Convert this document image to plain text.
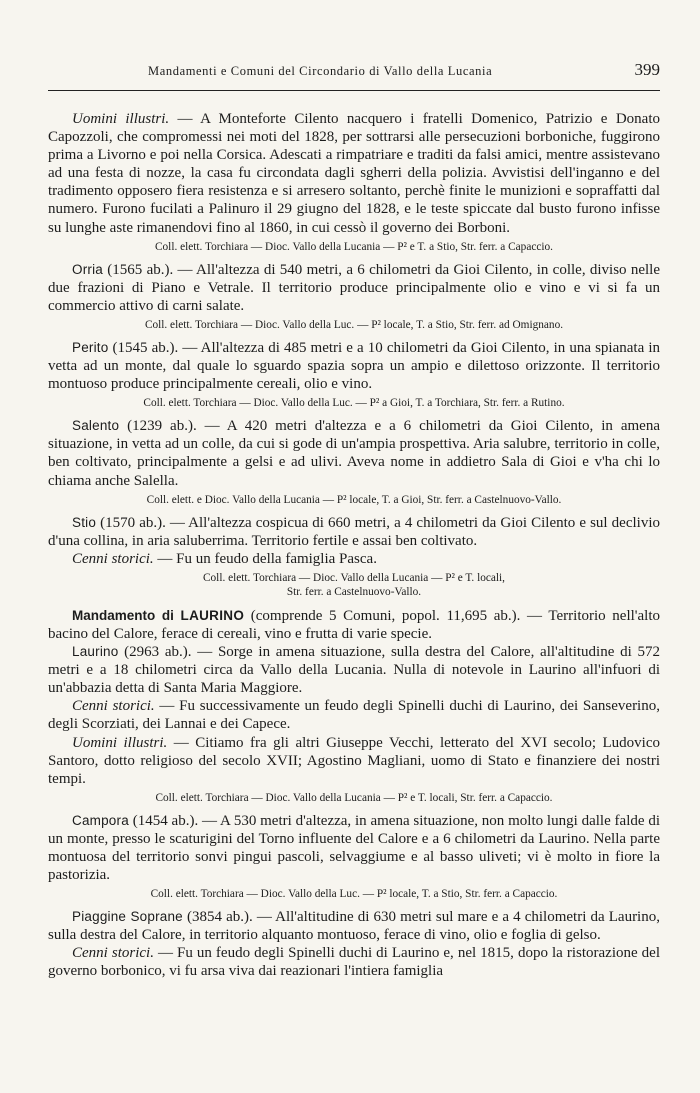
Mandamenti e Comuni del Circondario di Vallo della Lucania	399

Uomini illustri. — A Monteforte Cilento nacquero i fratelli Domenico, Patrizio e Donato Capozzoli, che compromessi nei moti del 1828, per sottrarsi alle persecuzioni borboniche, fuggirono prima a Livorno e poi nella Corsica. Adescati a rimpatriare e traditi da falsi amici, mentre assistevano ad una festa di nozze, la casa fu circondata dagli sgherri della polizia. Avvistisi dell'inganno e del tradimento opposero fiera resistenza e si arresero soltanto, perchè finite le munizioni e sopraffatti dal numero. Furono fucilati a Palinuro il 29 giugno del 1828, e le teste spiccate dal busto furono infisse su lunghe aste rimanendovi fino al 1860, in cui cessò il governo dei Borboni.

Coll. elett. Torchiara — Dioc. Vallo della Lucania — P² e T. a Stio, Str. ferr. a Capaccio.

Orria (1565 ab.). — All'altezza di 540 metri, a 6 chilometri da Gioi Cilento, in colle, diviso nelle due frazioni di Piano e Vetrale. Il territorio produce principalmente olio e vino e vi si fa un commercio attivo di carni salate.

Coll. elett. Torchiara — Dioc. Vallo della Luc. — P² locale, T. a Stio, Str. ferr. ad Omignano.

Perito (1545 ab.). — All'altezza di 485 metri e a 10 chilometri da Gioi Cilento, in una spianata in vetta ad un monte, dal quale lo sguardo spazia sopra un ampio e dilettoso orizzonte. Il territorio montuoso produce principalmente cereali, olio e vino.

Coll. elett. Torchiara — Dioc. Vallo della Luc. — P² a Gioi, T. a Torchiara, Str. ferr. a Rutino.

Salento (1239 ab.). — A 420 metri d'altezza e a 6 chilometri da Gioi Cilento, in amena situazione, in vetta ad un colle, da cui si gode di un'ampia prospettiva. Aria salubre, territorio in colle, ben coltivato, principalmente a gelsi e ad ulivi. Aveva nome in addietro Sala di Gioi e v'ha chi lo chiama anche Salella.

Coll. elett. e Dioc. Vallo della Lucania — P² locale, T. a Gioi, Str. ferr. a Castelnuovo-Vallo.

Stio (1570 ab.). — All'altezza cospicua di 660 metri, a 4 chilometri da Gioi Cilento e sul declivio d'una collina, in aria saluberrima. Territorio fertile e assai ben coltivato.

Cenni storici. — Fu un feudo della famiglia Pasca.

Coll. elett. Torchiara — Dioc. Vallo della Lucania — P² e T. locali,
Str. ferr. a Castelnuovo-Vallo.

Mandamento di LAURINO (comprende 5 Comuni, popol. 11,695 ab.). — Territorio nell'alto bacino del Calore, ferace di cereali, vino e frutta di varie specie.

Laurino (2963 ab.). — Sorge in amena situazione, sulla destra del Calore, all'altitudine di 572 metri e a 18 chilometri circa da Vallo della Lucania. Nulla di notevole in Laurino all'infuori di un'abbazia detta di Santa Maria Maggiore.

Cenni storici. — Fu successivamente un feudo degli Spinelli duchi di Laurino, dei Sanseverino, degli Scorziati, dei Lannai e dei Capece.

Uomini illustri. — Citiamo fra gli altri Giuseppe Vecchi, letterato del XVI secolo; Ludovico Santoro, dotto religioso del secolo XVII; Agostino Magliani, uomo di Stato e finanziere dei nostri tempi.

Coll. elett. Torchiara — Dioc. Vallo della Lucania — P² e T. locali, Str. ferr. a Capaccio.

Campora (1454 ab.). — A 530 metri d'altezza, in amena situazione, non molto lungi dalle falde di un monte, presso le scaturigini del Torno influente del Calore e a 6 chilometri da Laurino. Nella parte montuosa del territorio sonvi pingui pascoli, selvaggiume e al basso uliveti; vi è molto in fiore la pastorizia.

Coll. elett. Torchiara — Dioc. Vallo della Luc. — P² locale, T. a Stio, Str. ferr. a Capaccio.

Piaggine Soprane (3854 ab.). — All'altitudine di 630 metri sul mare e a 4 chilometri da Laurino, sulla destra del Calore, in territorio alquanto montuoso, ferace di vino, olio e foglia di gelso.

Cenni storici. — Fu un feudo degli Spinelli duchi di Laurino e, nel 1815, dopo la ristorazione del governo borbonico, vi fu arsa viva dai reazionari l'intiera famiglia
